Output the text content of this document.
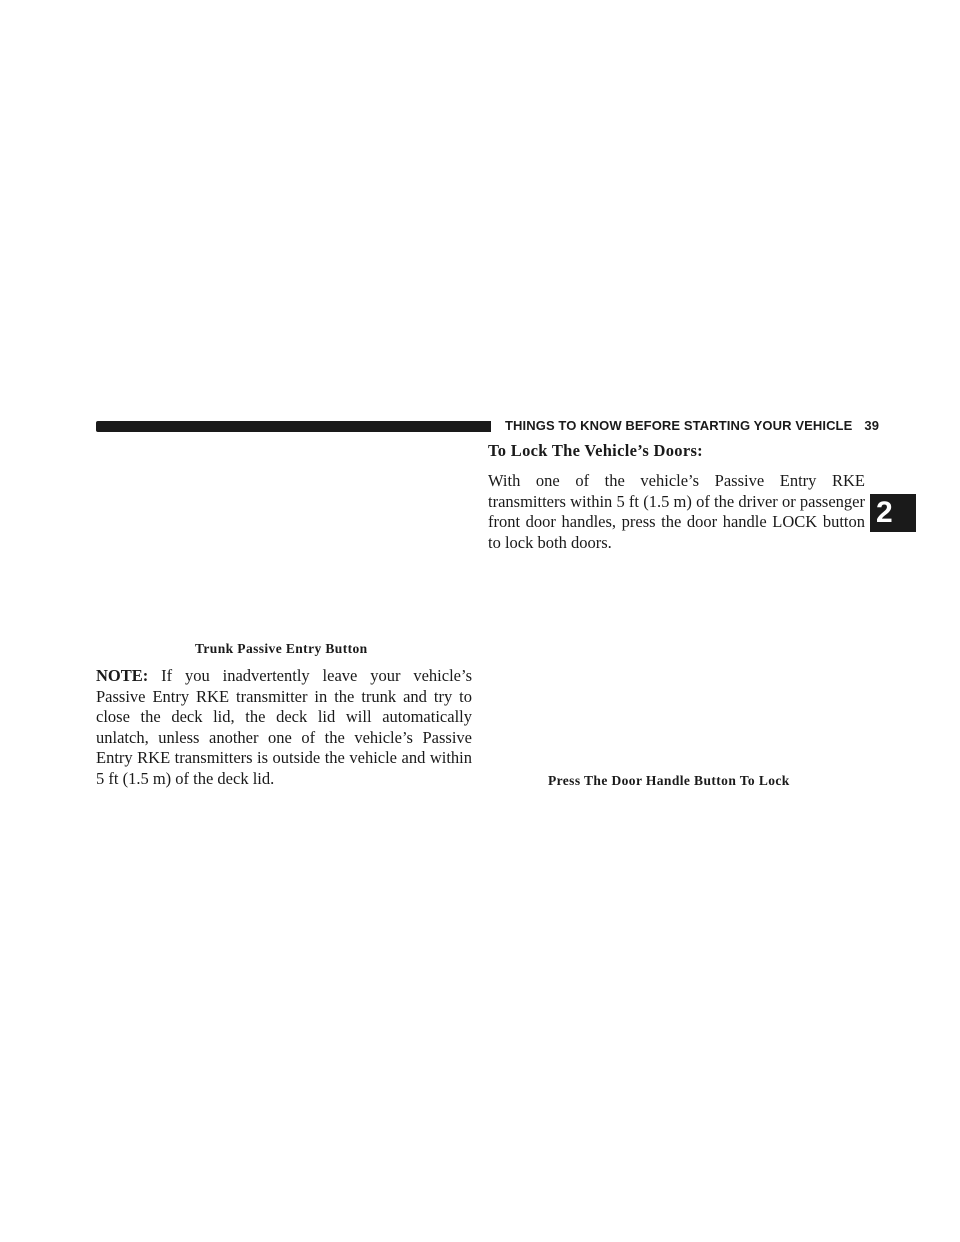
THINGS TO KNOW BEFORE STARTING YOUR VEHICLE 39
2
Trunk Passive Entry Button

NOTE: If you inadvertently leave your vehicle’s Passive Entry RKE transmitter in the trunk and try to close the deck lid, the deck lid will automatically unlatch, unless another one of the vehicle’s Passive Entry RKE transmitters is outside the vehicle and within 5 ft (1.5 m) of the deck lid.

To Lock The Vehicle’s Doors:

With one of the vehicle’s Passive Entry RKE transmitters within 5 ft (1.5 m) of the driver or passenger front door handles, press the door handle LOCK button to lock both doors.

Press The Door Handle Button To Lock
